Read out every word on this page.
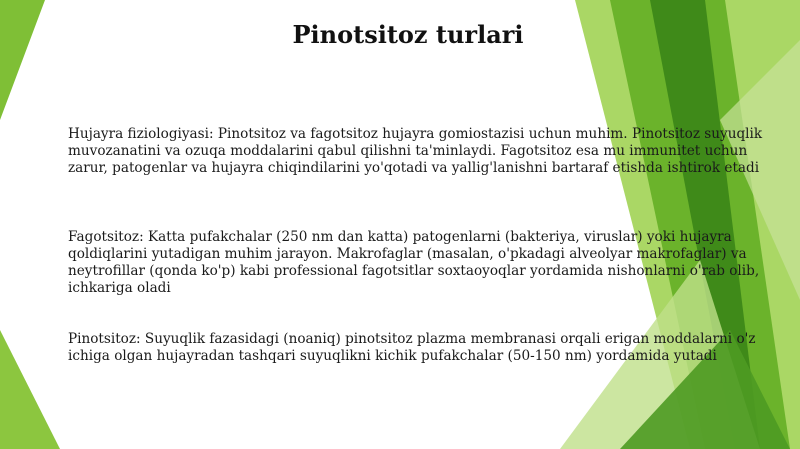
Pinotsitoz turlari

Hujayra fiziologiyasi: Pinotsitoz va fagotsitoz hujayra gomiostazisi uchun muhim. Pinotsitoz suyuqlik muvozanatini va ozuqa moddalarini qabul qilishni ta'minlaydi. Fagotsitoz esa mu immunitet uchun zarur, patogenlar va hujayra chiqindilarini yo'qotadi va yallig'lanishni bartaraf etishda ishtirok etadi

Fagotsitoz: Katta pufakchalar (250 nm dan katta) patogenlarni (bakteriya, viruslar) yoki hujayra qoldiqlarini yutadigan muhim jarayon. Makrofaglar (masalan, o'pkadagi alveolyar makrofaglar) va neytrofillar (qonda ko'p) kabi professional fagotsitlar soxtaoyoqlar yordamida nishonlarni o'rab olib, ichkariga oladi

Pinotsitoz: Suyuqlik fazasidagi (noaniq) pinotsitoz plazma membranasi orqali erigan moddalarni o'z ichiga olgan hujayradan tashqari suyuqlikni kichik pufakchalar (50-150 nm) yordamida yutadi
